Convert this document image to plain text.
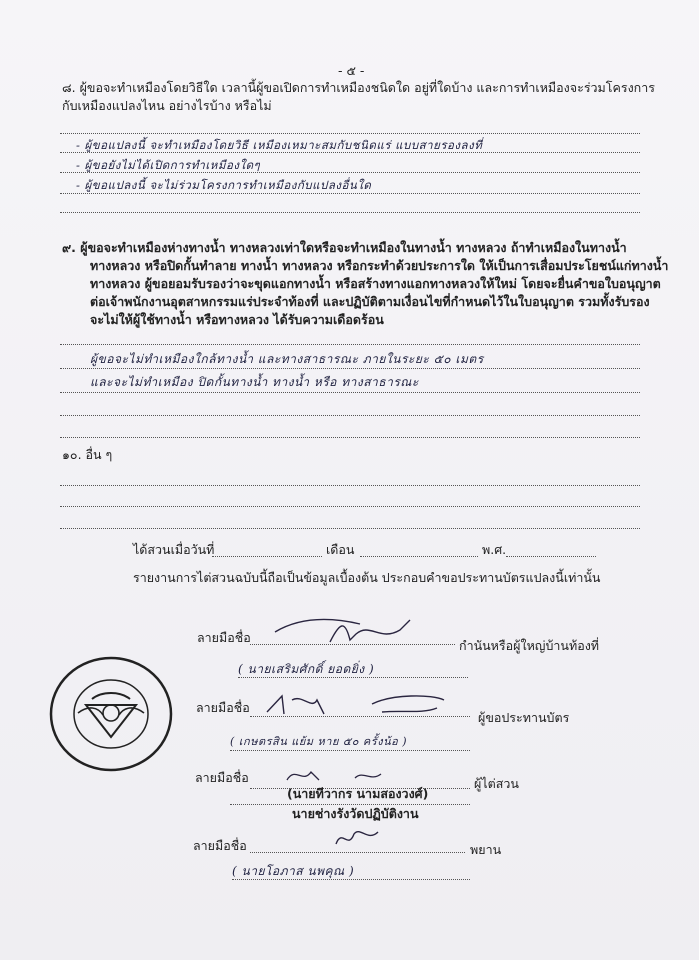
- ๕ -
๘. ผู้ขอจะทำเหมืองโดยวิธีใด เวลานี้ผู้ขอเปิดการทำเหมืองชนิดใด อยู่ที่ใดบ้าง และการทำเหมืองจะร่วมโครงการ
กับเหมืองแปลงไหน อย่างไรบ้าง หรือไม่
- ผู้ขอแปลงนี้ จะทำเหมืองโดยวิธี เหมืองเหมาะสมกับชนิดแร่ แบบสายรองลงที่
- ผู้ขอยังไม่ได้เปิดการทำเหมืองใดๆ
- ผู้ขอแปลงนี้ จะไม่ร่วมโครงการทำเหมืองกับแปลงอื่นใด
๙. ผู้ขอจะทำเหมืองห่างทางน้ำ ทางหลวงเท่าใดหรือจะทำเหมืองในทางน้ำ ทางหลวง ถ้าทำเหมืองในทางน้ำ
ทางหลวง หรือปิดกั้นทำลาย ทางน้ำ ทางหลวง หรือกระทำด้วยประการใด ให้เป็นการเสื่อมประโยชน์แก่ทางน้ำ
ทางหลวง ผู้ขอยอมรับรองว่าจะขุดแอกทางน้ำ หรือสร้างทางแอกทางหลวงให้ใหม่ โดยจะยื่นคำขอใบอนุญาต
ต่อเจ้าพนักงานอุตสาหกรรมแร่ประจำท้องที่ และปฏิบัติตามเงื่อนไขที่กำหนดไว้ในใบอนุญาต รวมทั้งรับรอง
จะไม่ให้ผู้ใช้ทางน้ำ หรือทางหลวง ได้รับความเดือดร้อน
ผู้ขอจะไม่ทำเหมืองใกล้ทางน้ำ และทางสาธารณะ ภายในระยะ ๕๐ เมตร
และจะไม่ทำเหมือง ปิดกั้นทางน้ำ ทางน้ำ หรือ ทางสาธารณะ
๑๐. อื่น ๆ
ได้สวนเมื่อวันที่	เดือน	พ.ศ.
รายงานการไต่สวนฉบับนี้ถือเป็นข้อมูลเบื้องต้น ประกอบคำขอประทานบัตรแปลงนี้เท่านั้น
ลายมือชื่อ
กำนันหรือผู้ใหญ่บ้านท้องที่
( นายเสริมศักดิ์ ยอดยิ่ง )
ลายมือชื่อ
ผู้ขอประทานบัตร
( เกษตรสิน แย้ม หาย ๕๐ ครั้งน้อ )
ลายมือชื่อ	ผู้ไต่สวน
(นายทีวากร นามสองวงศ์)
นายช่างรังวัดปฏิบัติงาน
ลายมือชื่อ	พยาน
( นายโอภาส นพคุณ )
